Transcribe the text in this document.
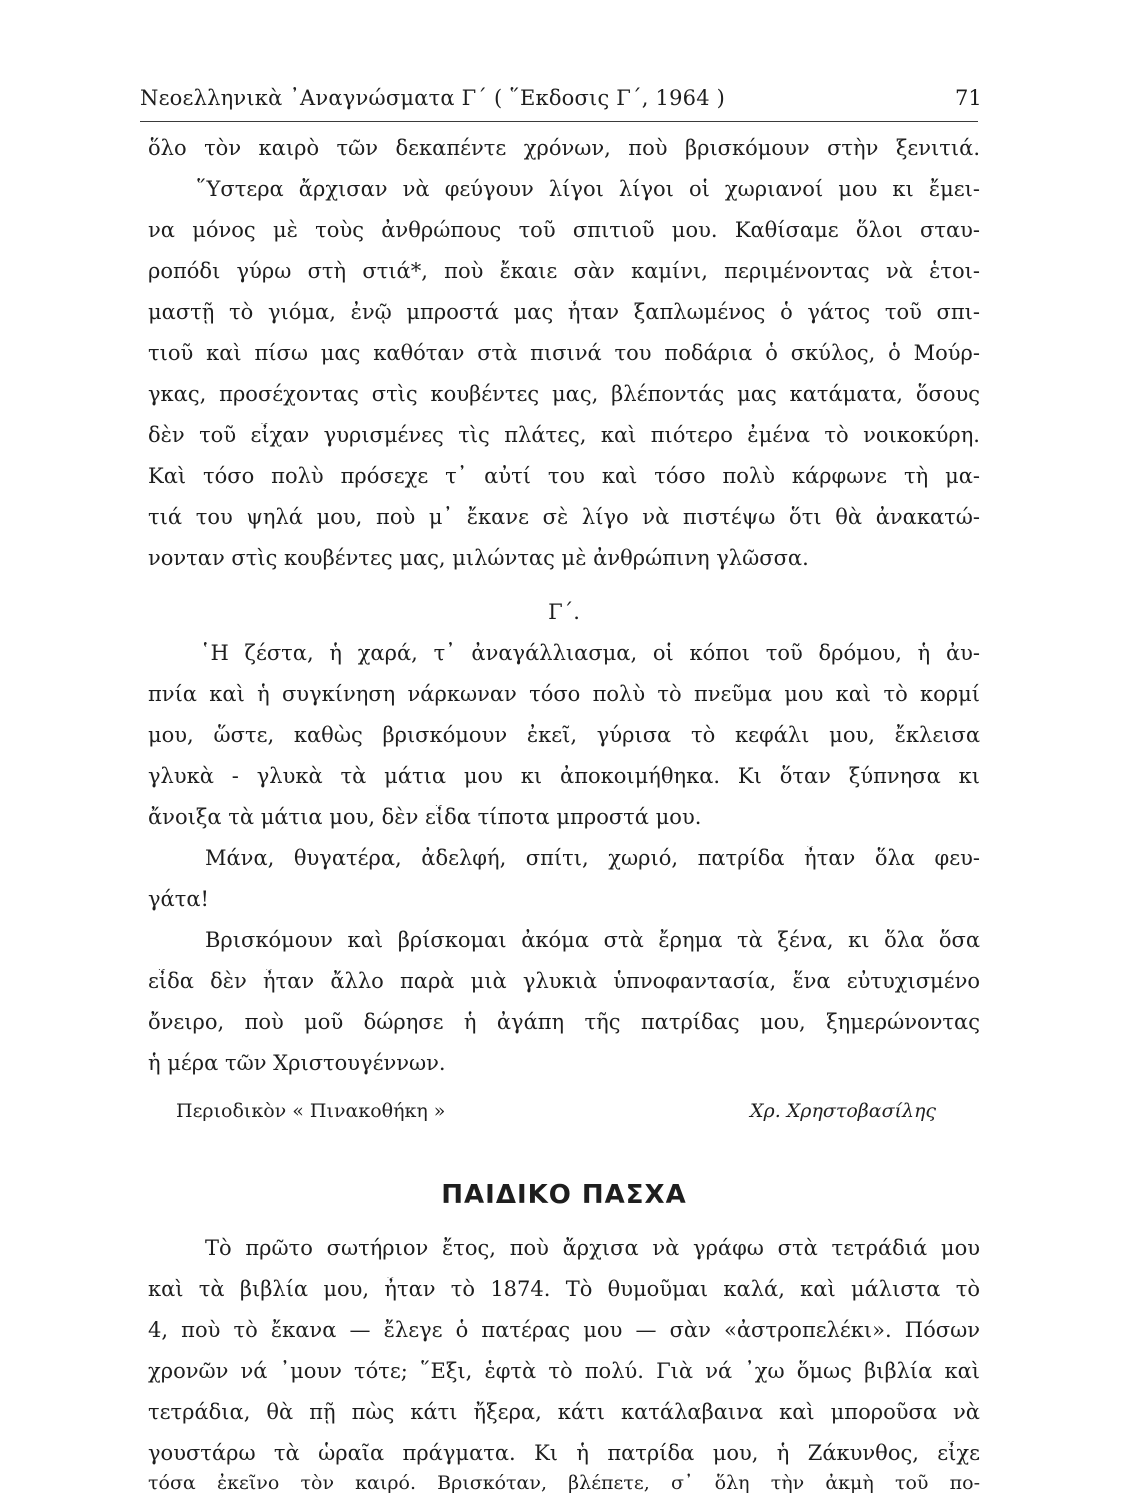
Νεοελληνικὰ ᾿Αναγνώσματα Γ΄ ( ῞Εκδοσις Γ΄, 1964 )	71
ὅλο τὸν καιρὸ τῶν δεκαπέντε χρόνων, ποὺ βρισκόμουν στὴν ξενιτιά.
῞Υστερα ἄρχισαν νὰ φεύγουν λίγοι λίγοι οἱ χωριανοί μου κι ἔμει-
να μόνος μὲ τοὺς ἀνθρώπους τοῦ σπιτιοῦ μου. Καθίσαμε ὅλοι σταυ-
ροπόδι γύρω στὴ στιά*, ποὺ ἔκαιε σὰν καμίνι, περιμένοντας νὰ ἑτοι-
μαστῇ τὸ γιόμα, ἐνῷ μπροστά μας ἦταν ξαπλωμένος ὁ γάτος τοῦ σπι-
τιοῦ καὶ πίσω μας καθόταν στὰ πισινά του ποδάρια ὁ σκύλος, ὁ Μούρ-
γκας, προσέχοντας στὶς κουβέντες μας, βλέποντάς μας κατάματα, ὅσους
δὲν τοῦ εἶχαν γυρισμένες τὶς πλάτες, καὶ πιότερο ἐμένα τὸ νοικοκύρη.
Καὶ τόσο πολὺ πρόσεχε τ᾽ αὐτί του καὶ τόσο πολὺ κάρφωνε τὴ μα-
τιά του ψηλά μου, ποὺ μ᾽ ἔκανε σὲ λίγο νὰ πιστέψω ὅτι θὰ ἀνακατώ-
νονταν στὶς κουβέντες μας, μιλώντας μὲ ἀνθρώπινη γλῶσσα.
Γ΄.
῾Η ζέστα, ἡ χαρά, τ᾽ ἀναγάλλιασμα, οἱ κόποι τοῦ δρόμου, ἡ ἀυ-
πνία καὶ ἡ συγκίνηση νάρκωναν τόσο πολὺ τὸ πνεῦμα μου καὶ τὸ κορμί
μου, ὥστε, καθὼς βρισκόμουν ἐκεῖ, γύρισα τὸ κεφάλι μου, ἔκλεισα
γλυκὰ - γλυκὰ τὰ μάτια μου κι ἀποκοιμήθηκα. Κι ὅταν ξύπνησα κι
ἄνοιξα τὰ μάτια μου, δὲν εἶδα τίποτα μπροστά μου.
Μάνα, θυγατέρα, ἀδελφή, σπίτι, χωριό, πατρίδα ἦταν ὅλα φευ-
γάτα!
Βρισκόμουν καὶ βρίσκομαι ἀκόμα στὰ ἔρημα τὰ ξένα, κι ὅλα ὅσα
εἶδα δὲν ἦταν ἄλλο παρὰ μιὰ γλυκιὰ ὑπνοφαντασία, ἕνα εὐτυχισμένο
ὄνειρο, ποὺ μοῦ δώρησε ἡ ἀγάπη τῆς πατρίδας μου, ξημερώνοντας
ἡ μέρα τῶν Χριστουγέννων.
Περιοδικὸν « Πινακοθήκη »	Χρ. Χρηστοβασίλης
ΠΑΙΔΙΚΟ ΠΑΣΧΑ
Τὸ πρῶτο σωτήριον ἔτος, ποὺ ἄρχισα νὰ γράφω στὰ τετράδιά μου
καὶ τὰ βιβλία μου, ἦταν τὸ 1874. Τὸ θυμοῦμαι καλά, καὶ μάλιστα τὸ
4, ποὺ τὸ ἔκανα — ἔλεγε ὁ πατέρας μου — σὰν «ἀστροπελέκι». Πόσων
χρονῶν νά ᾽μουν τότε; ῞Εξι, ἑφτὰ τὸ πολύ. Γιὰ νά ᾽χω ὅμως βιβλία καὶ
τετράδια, θὰ πῇ πὼς κάτι ἤξερα, κάτι κατάλαβαινα καὶ μποροῦσα νὰ
γουστάρω τὰ ὡραῖα πράγματα. Κι ἡ πατρίδα μου, ἡ Ζάκυνθος, εἶχε
τόσα ἐκεῖνο τὸν καιρό. Βρισκόταν, βλέπετε, σ᾽ ὅλη τὴν ἀκμὴ τοῦ πο-
